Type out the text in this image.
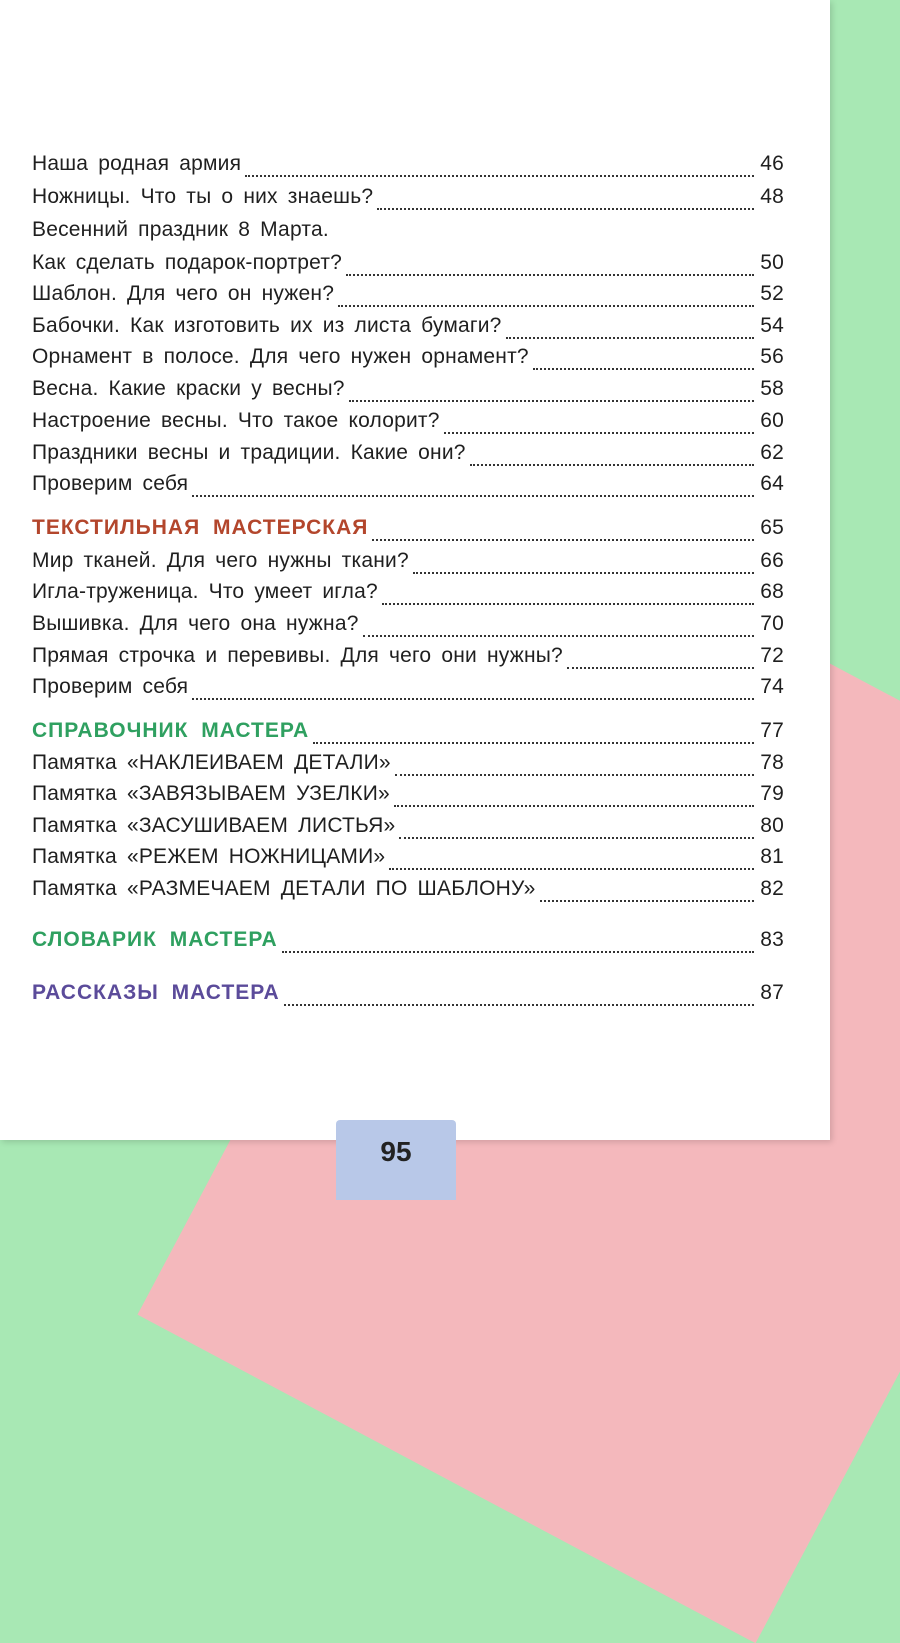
Наша родная армия	46
Ножницы. Что ты о них знаешь?	48
Весенний праздник 8 Марта.
Как сделать подарок-портрет?	50
Шаблон. Для чего он нужен?	52
Бабочки. Как изготовить их из листа бумаги?	54
Орнамент в полосе. Для чего нужен орнамент?	56
Весна. Какие краски у весны?	58
Настроение весны. Что такое колорит?	60
Праздники весны и традиции. Какие они?	62
Проверим себя	64
ТЕКСТИЛЬНАЯ МАСТЕРСКАЯ	65
Мир тканей. Для чего нужны ткани?	66
Игла-труженица. Что умеет игла?	68
Вышивка. Для чего она нужна?	70
Прямая строчка и перевивы. Для чего они нужны?	72
Проверим себя	74
СПРАВОЧНИК МАСТЕРА	77
Памятка «НАКЛЕИВАЕМ ДЕТАЛИ»	78
Памятка «ЗАВЯЗЫВАЕМ УЗЕЛКИ»	79
Памятка «ЗАСУШИВАЕМ ЛИСТЬЯ»	80
Памятка «РЕЖЕМ НОЖНИЦАМИ»	81
Памятка «РАЗМЕЧАЕМ ДЕТАЛИ ПО ШАБЛОНУ»	82
СЛОВАРИК МАСТЕРА	83
РАССКАЗЫ МАСТЕРА	87
95
